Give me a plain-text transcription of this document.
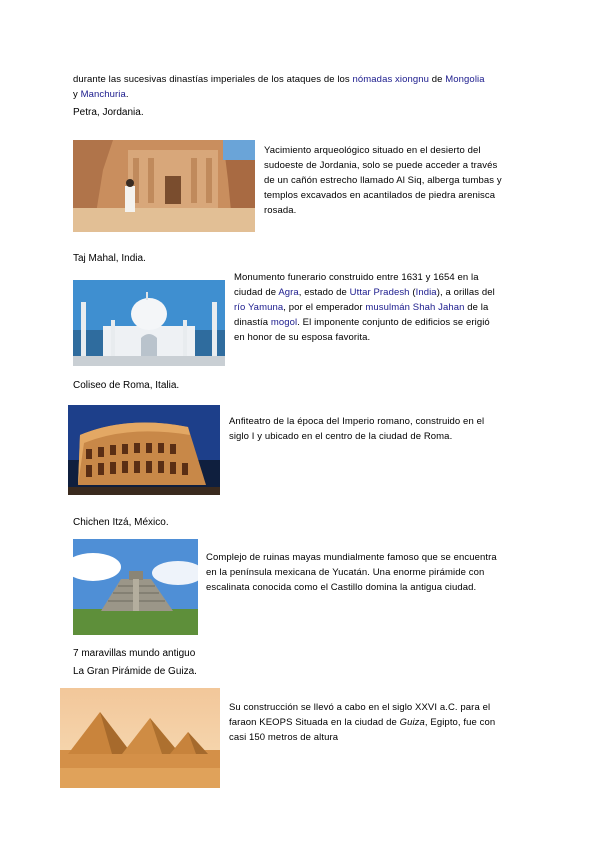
durante las sucesivas dinastías imperiales de los ataques de los nómadas xiongnu de Mongolia
y Manchuria.
Petra, Jordania.
Yacimiento arqueológico situado en el desierto del
sudoeste de Jordania, solo se puede acceder a través
de un cañón estrecho llamado Al Siq, alberga tumbas y
templos excavados en acantilados de piedra arenisca
rosada.
Taj Mahal, India.
Monumento funerario construido entre 1631 y 1654 en la
ciudad de Agra, estado de Uttar Pradesh (India), a orillas del
río Yamuna, por el emperador musulmán Shah Jahan de la
dinastía mogol. El imponente conjunto de edificios se erigió
en honor de su esposa favorita.
Coliseo de Roma, Italia.
Anfiteatro de la época del Imperio romano, construido en el
siglo I y ubicado en el centro de la ciudad de Roma.
Chichen Itzá, México.
Complejo de ruinas mayas mundialmente famoso que se encuentra
en la península mexicana de Yucatán. Una enorme pirámide con
escalinata conocida como el Castillo domina la antigua ciudad.
7 maravillas mundo antiguo
La Gran Pirámide de Guiza.
Su construcción se llevó a cabo en el siglo XXVI a.C. para el
faraon KEOPS Situada en la ciudad de Guiza, Egipto, fue con
casi 150 metros de altura
